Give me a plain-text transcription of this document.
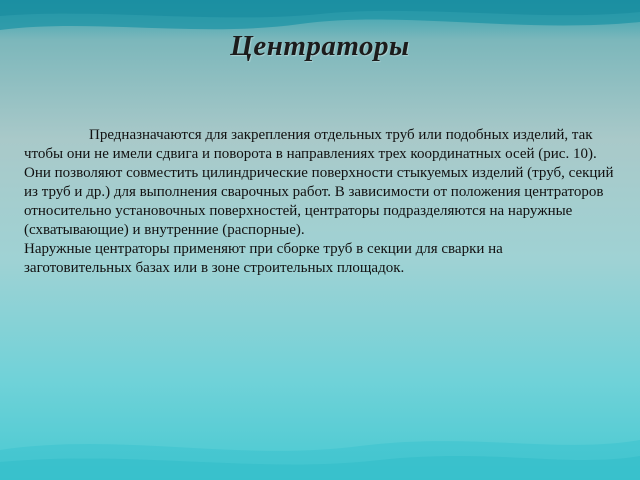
Центраторы

Предназначаются для закрепления отдельных труб или подобных изделий, так чтобы они не имели сдвига и поворота в направлениях трех координатных осей (рис. 10). Они позволяют совместить цилиндрические поверхности стыкуемых изделий (труб, секций из труб и др.) для выполнения сварочных работ. В зависимости от положения центраторов относительно установочных поверхностей, центраторы подразделяются на наружные (схватывающие) и внутренние (распорные).

Наружные центраторы применяют при сборке труб в секции для сварки на заготовительных базах или в зоне строительных площадок.
